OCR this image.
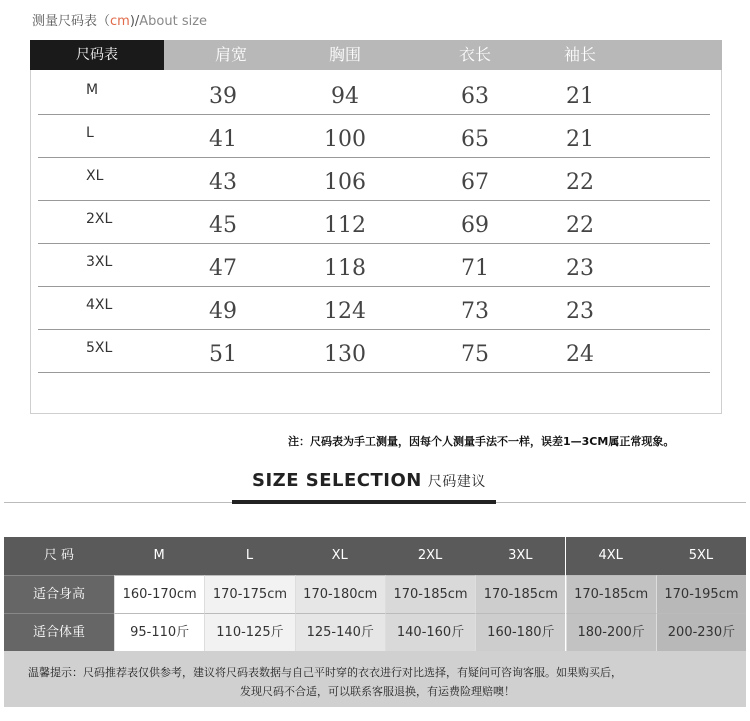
测量尺码表（cm)/About size
尺码表	肩宽	胸围	衣长	袖长
M	39	94	63	21
L	41	100	65	21
XL	43	106	67	22
2XL	45	112	69	22
3XL	47	118	71	23
4XL	49	124	73	23
5XL	51	130	75	24
注：尺码表为手工测量，因每个人测量手法不一样，误差1—3CM属正常现象。
SIZE SELECTION 尺码建议
尺 码	M	L	XL	2XL	3XL	4XL	5XL
适合身高	160-170cm	170-175cm	170-180cm	170-185cm	170-185cm	170-185cm	170-195cm
适合体重	95-110斤	110-125斤	125-140斤	140-160斤	160-180斤	180-200斤	200-230斤
温馨提示：尺码推荐表仅供参考，建议将尺码表数据与自己平时穿的衣衣进行对比选择，有疑问可咨询客服。如果购买后，
发现尺码不合适，可以联系客服退换，有运费险理赔噢！
